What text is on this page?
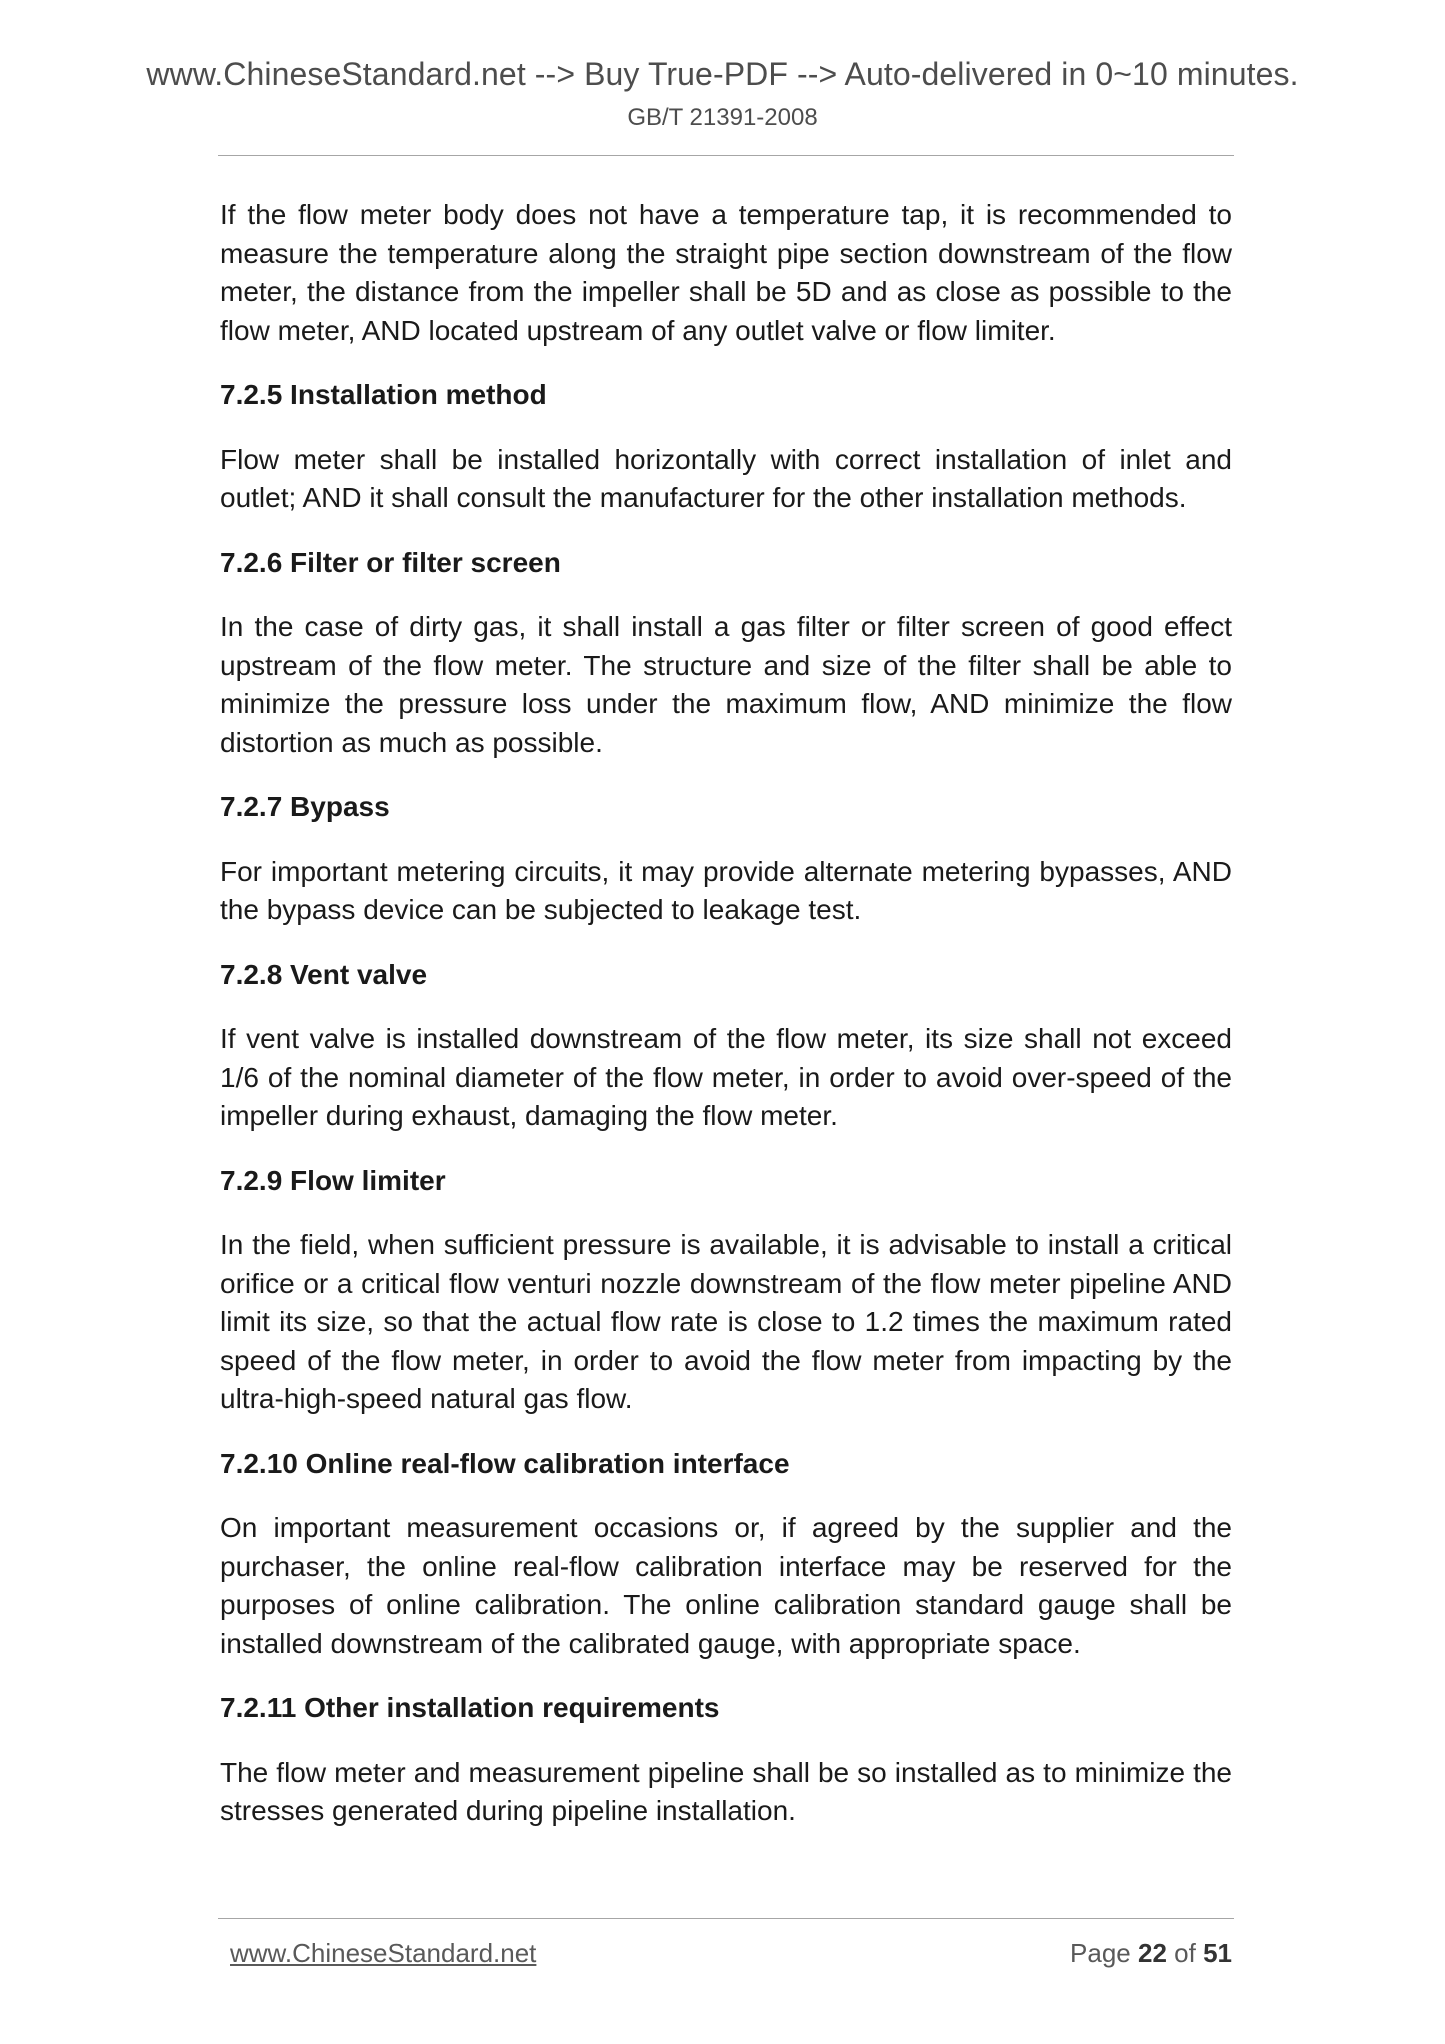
www.ChineseStandard.net --> Buy True-PDF --> Auto-delivered in 0~10 minutes.
GB/T 21391-2008

If the flow meter body does not have a temperature tap, it is recommended to measure the temperature along the straight pipe section downstream of the flow meter, the distance from the impeller shall be 5D and as close as possible to the flow meter, AND located upstream of any outlet valve or flow limiter.

7.2.5 Installation method

Flow meter shall be installed horizontally with correct installation of inlet and outlet; AND it shall consult the manufacturer for the other installation methods.

7.2.6 Filter or filter screen

In the case of dirty gas, it shall install a gas filter or filter screen of good effect upstream of the flow meter. The structure and size of the filter shall be able to minimize the pressure loss under the maximum flow, AND minimize the flow distortion as much as possible.

7.2.7 Bypass

For important metering circuits, it may provide alternate metering bypasses, AND the bypass device can be subjected to leakage test.

7.2.8 Vent valve

If vent valve is installed downstream of the flow meter, its size shall not exceed 1/6 of the nominal diameter of the flow meter, in order to avoid over-speed of the impeller during exhaust, damaging the flow meter.

7.2.9 Flow limiter

In the field, when sufficient pressure is available, it is advisable to install a critical orifice or a critical flow venturi nozzle downstream of the flow meter pipeline AND limit its size, so that the actual flow rate is close to 1.2 times the maximum rated speed of the flow meter, in order to avoid the flow meter from impacting by the ultra-high-speed natural gas flow.

7.2.10 Online real-flow calibration interface

On important measurement occasions or, if agreed by the supplier and the purchaser, the online real-flow calibration interface may be reserved for the purposes of online calibration. The online calibration standard gauge shall be installed downstream of the calibrated gauge, with appropriate space.

7.2.11 Other installation requirements

The flow meter and measurement pipeline shall be so installed as to minimize the stresses generated during pipeline installation.

www.ChineseStandard.net	Page 22 of 51
